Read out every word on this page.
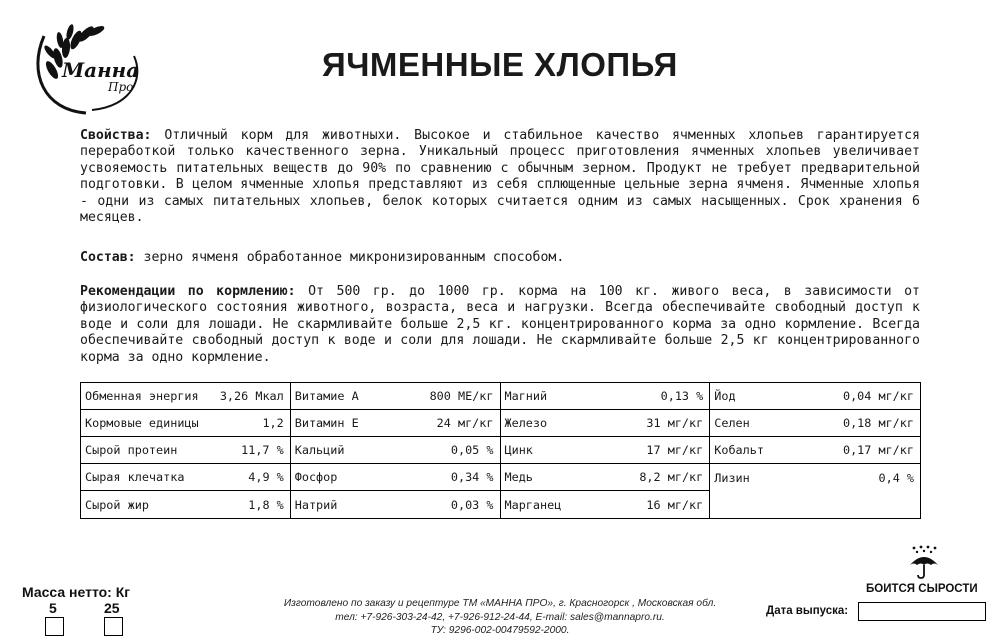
Манна
Про
ЯЧМЕННЫЕ ХЛОПЬЯ
Свойства: Отличный корм для животныхи. Высокое и стабильное качество ячменных хлопьев гарантируется переработкой только качественного зерна. Уникальный процесс приготовления ячменных хлопьев увеличивает усвояемость питательных веществ до 90% по сравнению с обычным зерном. Продукт не требует предварительной подготовки. В целом ячменные хлопья представляют из себя сплющенные цельные зерна ячменя. Ячменные хлопья - одни из самых питательных хлопьев, белок которых считается одним из самых насыщенных. Срок хранения 6 месяцев.
Состав: зерно ячменя обработанное микронизированным способом.
Рекомендации по кормлению: От 500 гр. до 1000 гр. корма на 100 кг. живого веса, в зависимости от физиологического состояния животного, возраста, веса и нагрузки. Всегда обеспечивайте свободный доступ к воде и соли для лошади. Не скармливайте больше 2,5 кг. концентрированного корма за одно кормление. Всегда обеспечивайте свободный доступ к воде и соли для лошади. Не скармливайте больше 2,5 кг концентрированного корма за одно кормление.
Обменная энергия 3,26 Мкал Витамие А	800 МЕ/кг Магний	0,13 % Йод	0,04 мг/кг
Кормовые единицы	1,2 Витамин Е	24 мг/кг Железо	31 мг/кг Селен	0,18 мг/кг
Сырой протеин	11,7 % Кальций	0,05 % Цинк	17 мг/кг Кобальт	0,17 мг/кг
Сырая клечатка	4,9 % Фосфор	0,34 % Медь	8,2 мг/кг Лизин	0,4 %
Сырой жир	1,8 % Натрий	0,03 % Марганец	16 мг/кг
Масса нетто: Кг
5	25	Изготовлено по заказу и рецептуре ТМ «МАННА ПРО», г. Красногорск , Московская обл.
тел: +7-926-303-24-42, +7-926-912-24-44, E-mail: sales@mannapro.ru.
ТУ: 9296-002-00479592-2000.
БОИТСЯ СЫРОСТИ
Дата выпуска:
